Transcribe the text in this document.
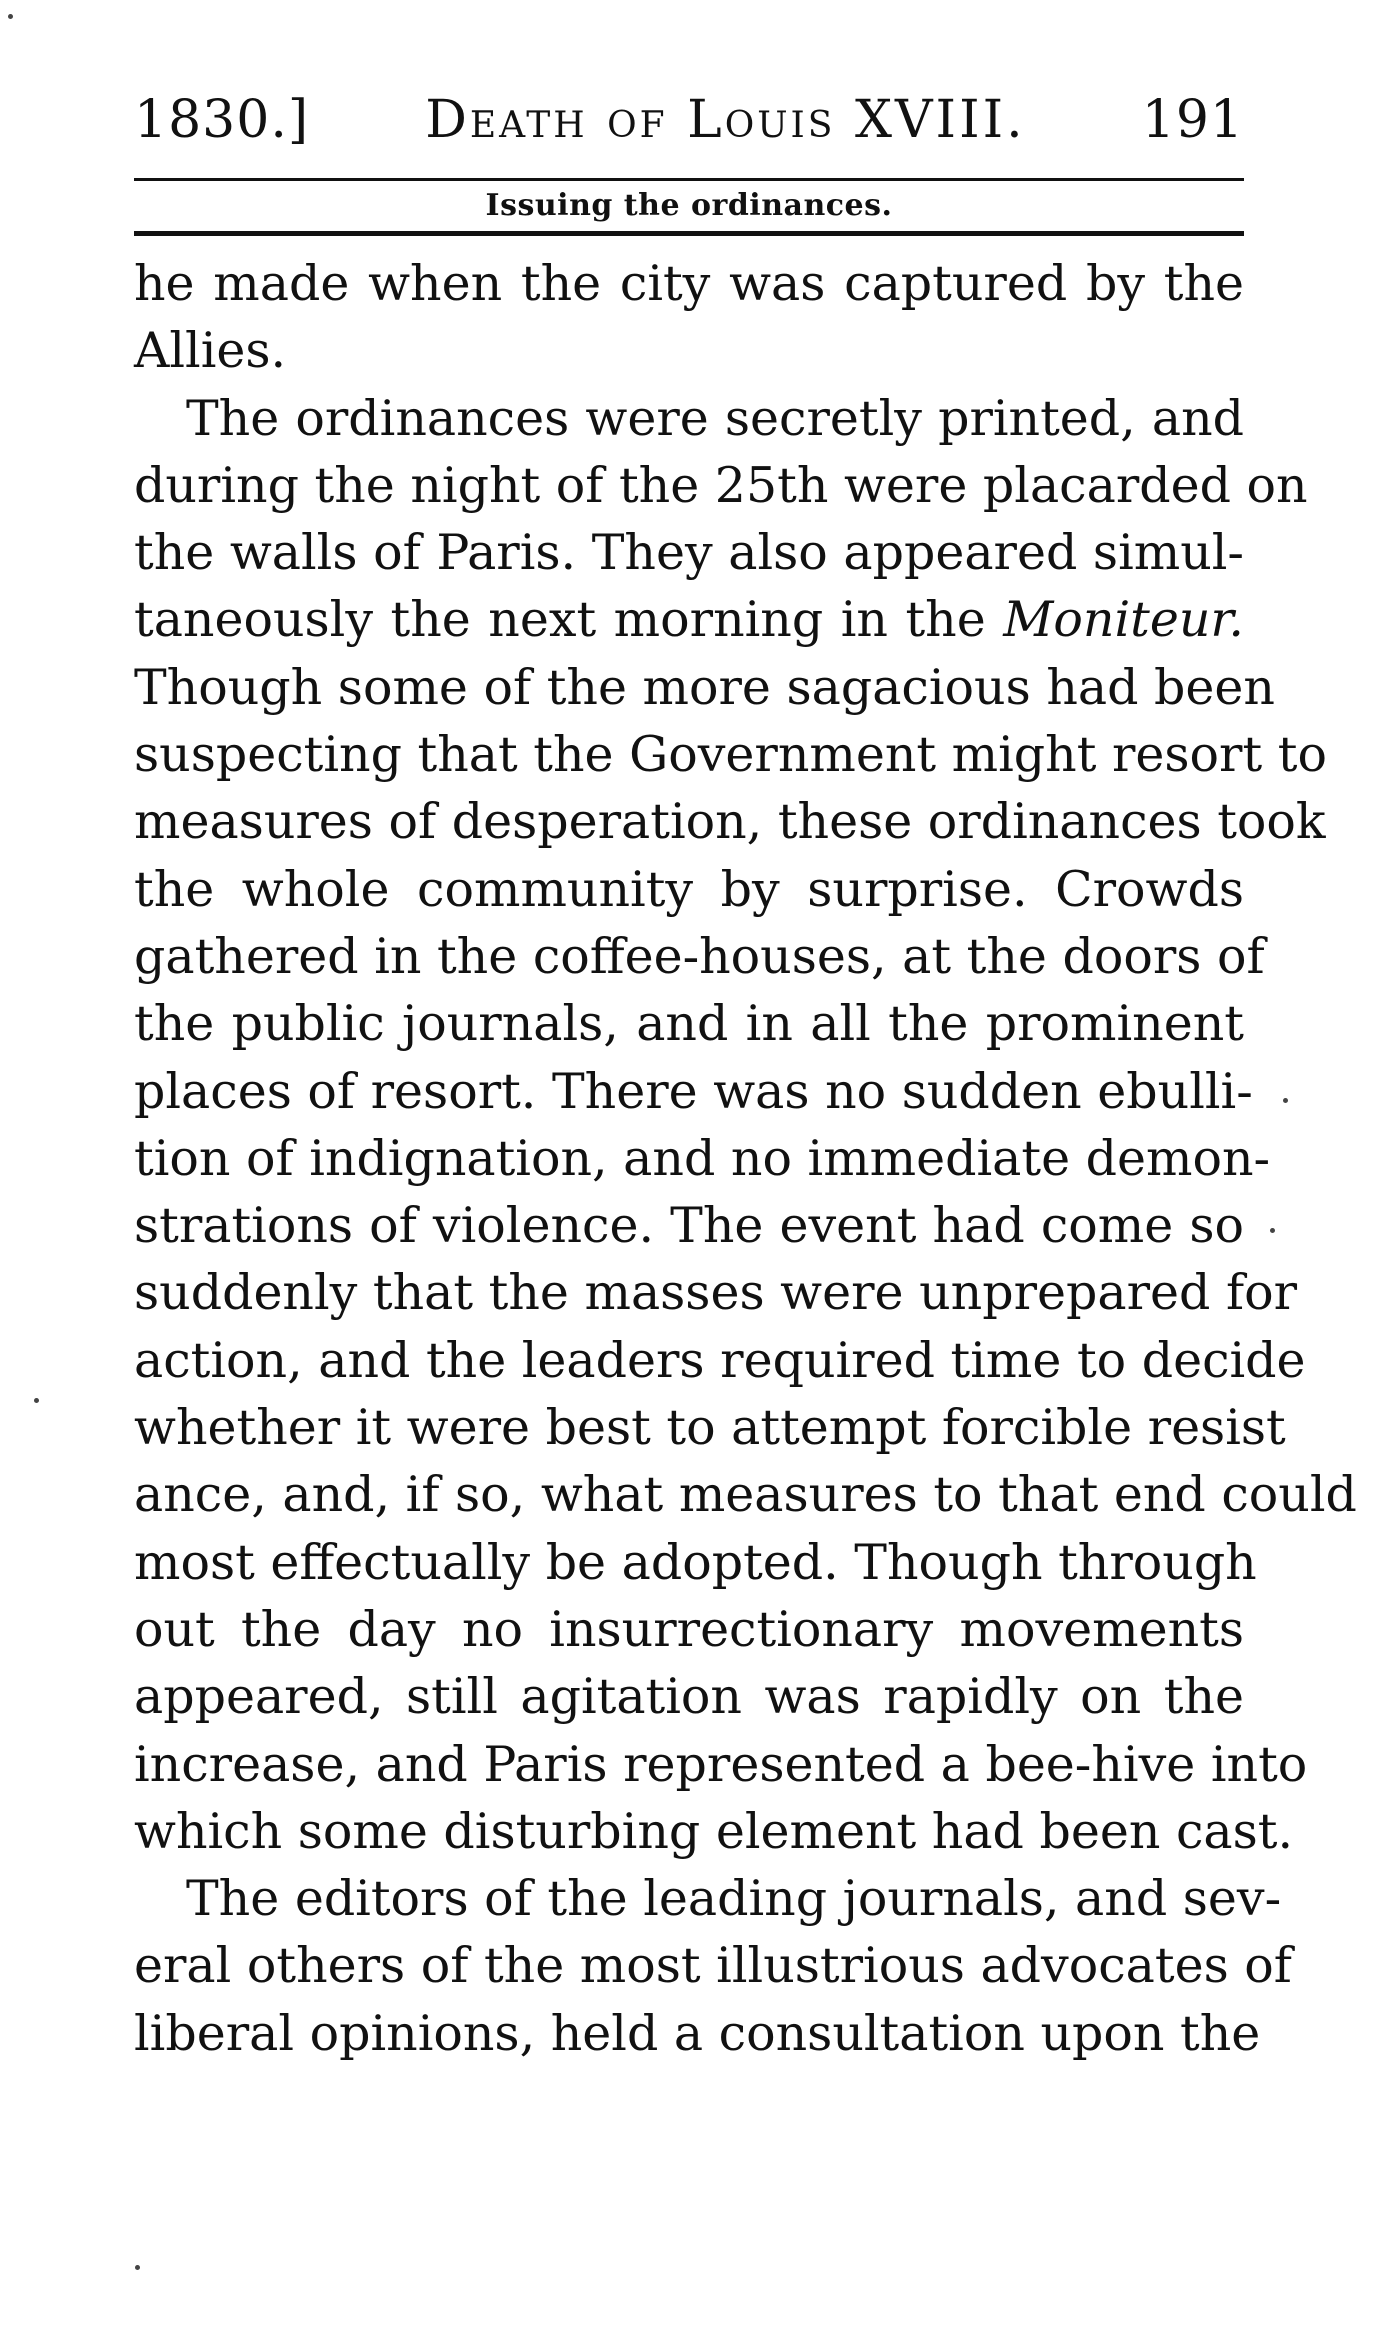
1830.] Death of Louis XVIII. 191
Issuing the ordinances.
he made when the city was captured by the
Allies.
The ordinances were secretly printed, and
during the night of the 25th were placarded on
the walls of Paris. They also appeared simul-
taneously the next morning in the Moniteur.
Though some of the more sagacious had been
suspecting that the Government might resort to
measures of desperation, these ordinances took
the whole community by surprise. Crowds
gathered in the coffee-houses, at the doors of
the public journals, and in all the prominent
places of resort. There was no sudden ebulli-
tion of indignation, and no immediate demon-
strations of violence. The event had come so
suddenly that the masses were unprepared for
action, and the leaders required time to decide
whether it were best to attempt forcible resist
ance, and, if so, what measures to that end could
most effectually be adopted. Though through
out the day no insurrectionary movements
appeared, still agitation was rapidly on the
increase, and Paris represented a bee-hive into
which some disturbing element had been cast.
The editors of the leading journals, and sev-
eral others of the most illustrious advocates of
liberal opinions, held a consultation upon the
